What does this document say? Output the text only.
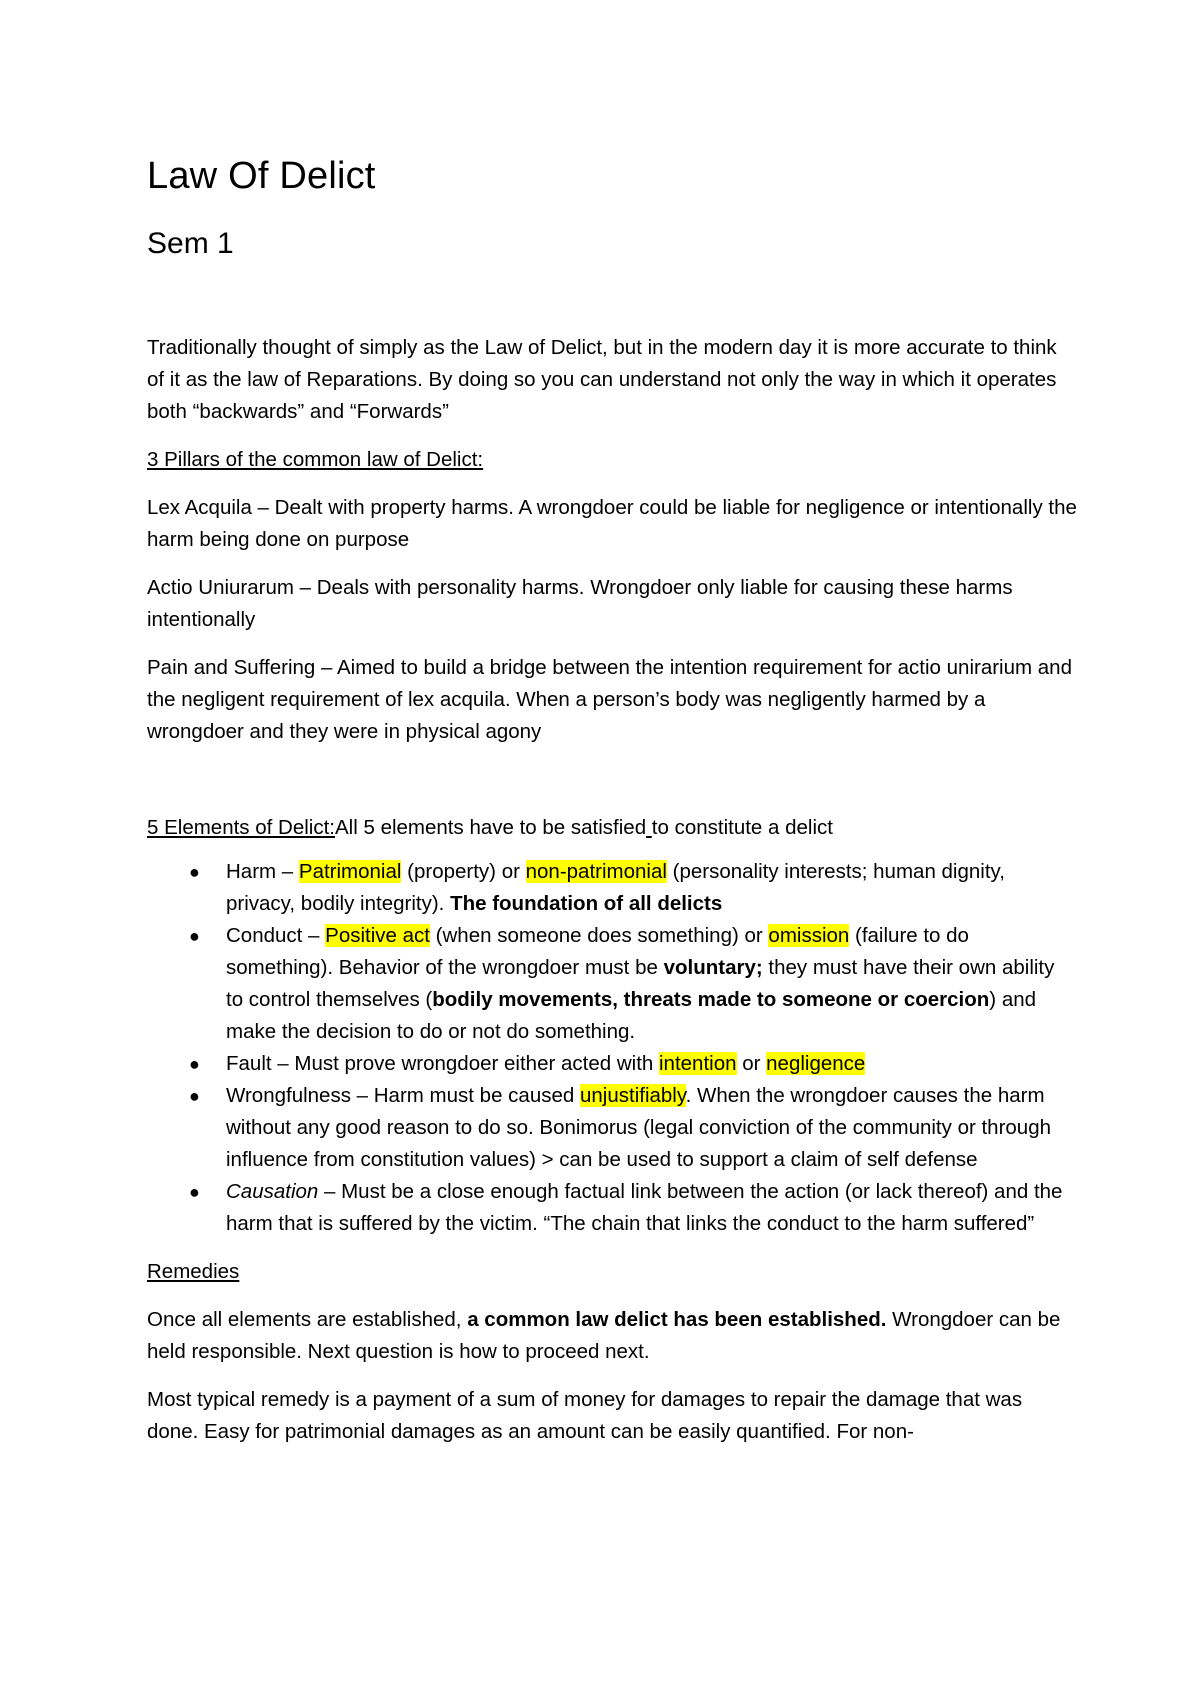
Law Of Delict
Sem 1

Traditionally thought of simply as the Law of Delict, but in the modern day it is more accurate to think of it as the law of Reparations. By doing so you can understand not only the way in which it operates both “backwards” and “Forwards”

3 Pillars of the common law of Delict:

Lex Acquila – Dealt with property harms. A wrongdoer could be liable for negligence or intentionally the harm being done on purpose

Actio Uniurarum – Deals with personality harms. Wrongdoer only liable for causing these harms intentionally

Pain and Suffering – Aimed to build a bridge between the intention requirement for actio unirarium and the negligent requirement of lex acquila. When a person’s body was negligently harmed by a wrongdoer and they were in physical agony

5 Elements of Delict:All 5 elements have to be satisfied to constitute a delict

● Harm – Patrimonial (property) or non-patrimonial (personality interests; human dignity, privacy, bodily integrity). The foundation of all delicts
● Conduct – Positive act (when someone does something) or omission (failure to do something). Behavior of the wrongdoer must be voluntary; they must have their own ability to control themselves (bodily movements, threats made to someone or coercion) and make the decision to do or not do something.
● Fault – Must prove wrongdoer either acted with intention or negligence
● Wrongfulness – Harm must be caused unjustifiably. When the wrongdoer causes the harm without any good reason to do so. Bonimorus (legal conviction of the community or through influence from constitution values) > can be used to support a claim of self defense
● Causation – Must be a close enough factual link between the action (or lack thereof) and the harm that is suffered by the victim. “The chain that links the conduct to the harm suffered”

Remedies

Once all elements are established, a common law delict has been established. Wrongdoer can be held responsible. Next question is how to proceed next.

Most typical remedy is a payment of a sum of money for damages to repair the damage that was done. Easy for patrimonial damages as an amount can be easily quantified. For non-
